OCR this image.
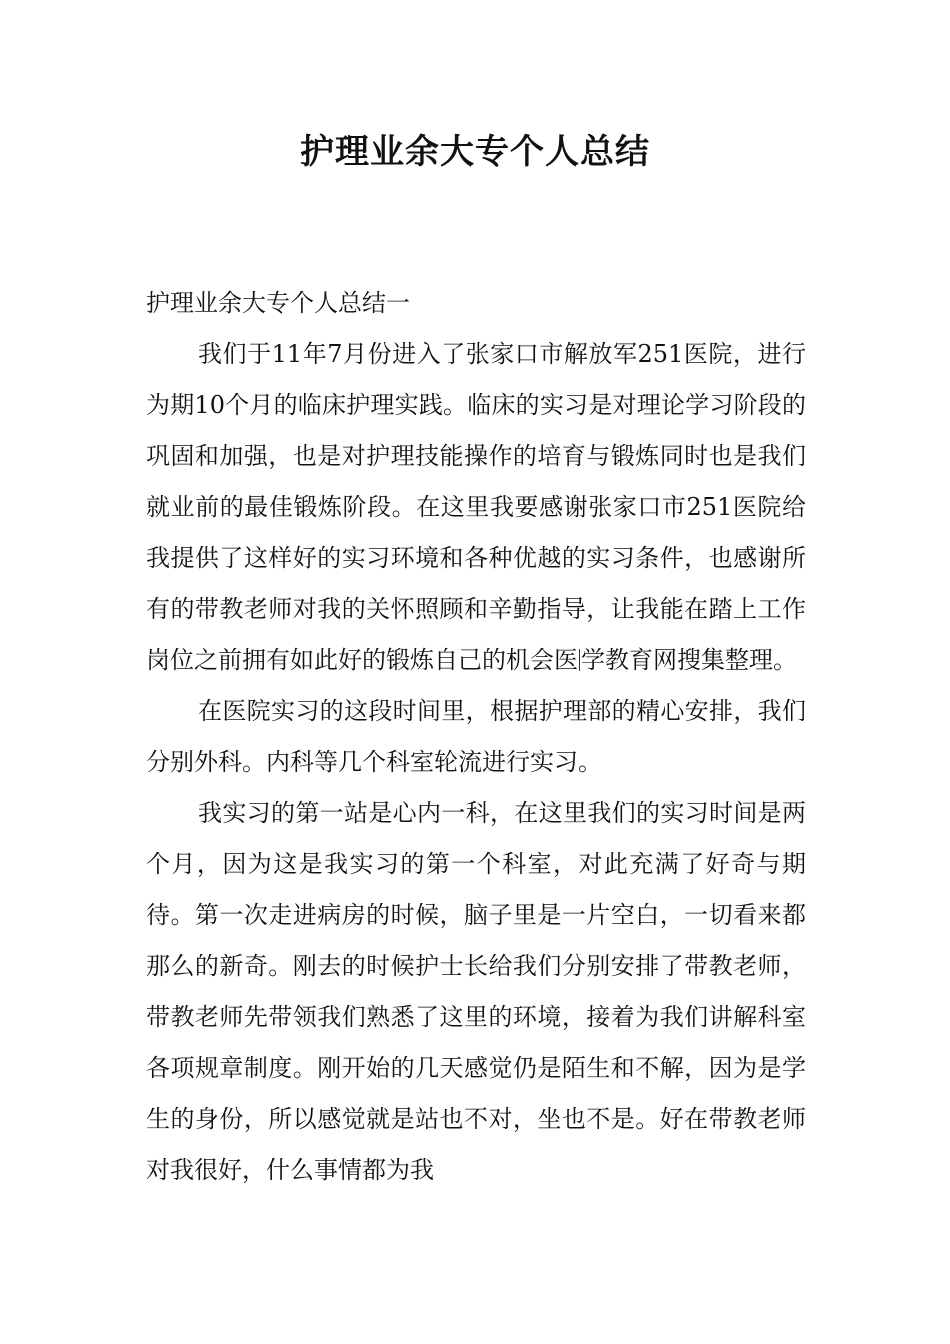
护理业余大专个人总结

护理业余大专个人总结一

我们于11年7月份进入了张家口市解放军251医院，进行为期10个月的临床护理实践。临床的实习是对理论学习阶段的巩固和加强，也是对护理技能操作的培育与锻炼同时也是我们就业前的最佳锻炼阶段。在这里我要感谢张家口市251医院给我提供了这样好的实习环境和各种优越的实习条件，也感谢所有的带教老师对我的关怀照顾和辛勤指导，让我能在踏上工作岗位之前拥有如此好的锻炼自己的机会医 学教育网搜集整理。

在医院实习的这段时间里，根据护理部的精心安排，我们分别外科。内科等几个科室轮流进行实习。

我实习的第一站是心内一科，在这里我们的实习时间是两个月，因为这是我实习的第一个科室，对此充满了好奇与期待。第一次走进病房的时候，脑子里是一片空白，一切看来都那么的新奇。刚去的时候护士长给我们分别安排了带教老师，带教老师先带领我们熟悉了这里的环境，接着为我们讲解科室各项规章制度。刚开始的几天感觉仍是陌生和不解，因为是学生的身份，所以感觉就是站也不对，坐也不是。好在带教老师对我很好，什么事情都为我
